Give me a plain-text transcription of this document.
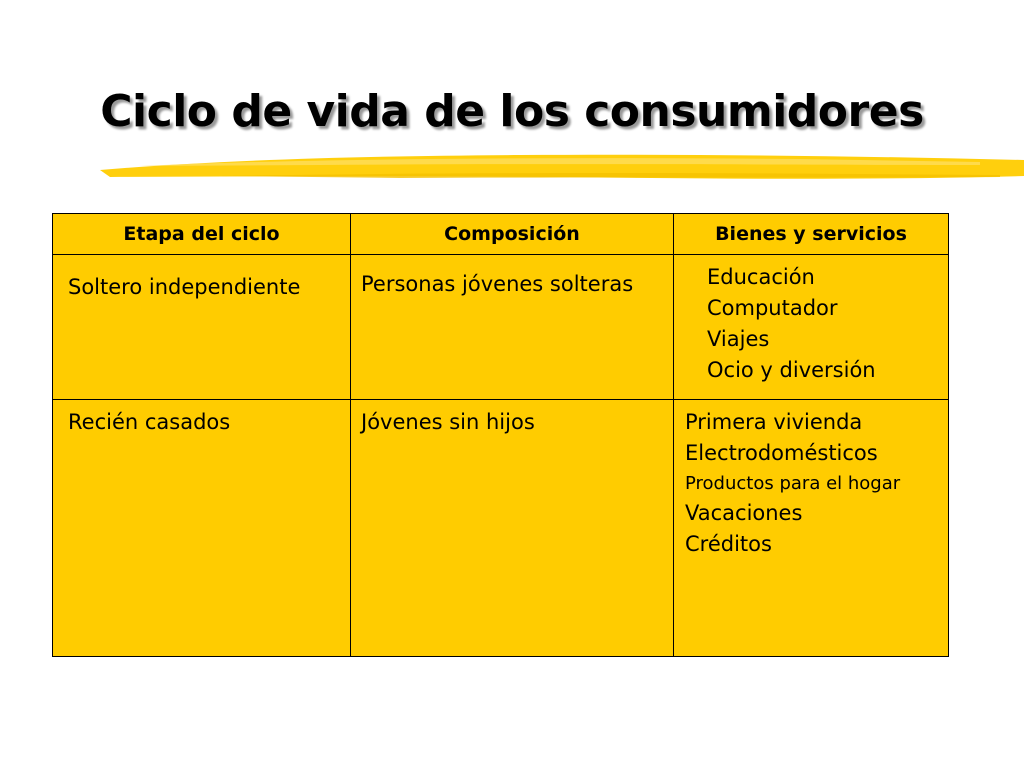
Ciclo de vida de los consumidores
Etapa del ciclo	Composición	Bienes y servicios

Soltero independiente	Personas jóvenes solteras	Educación
Computador
Viajes
Ocio y diversión

Recién casados	Jóvenes sin hijos	Primera vivienda
Electrodomésticos
Productos para el hogar
Vacaciones
Créditos
